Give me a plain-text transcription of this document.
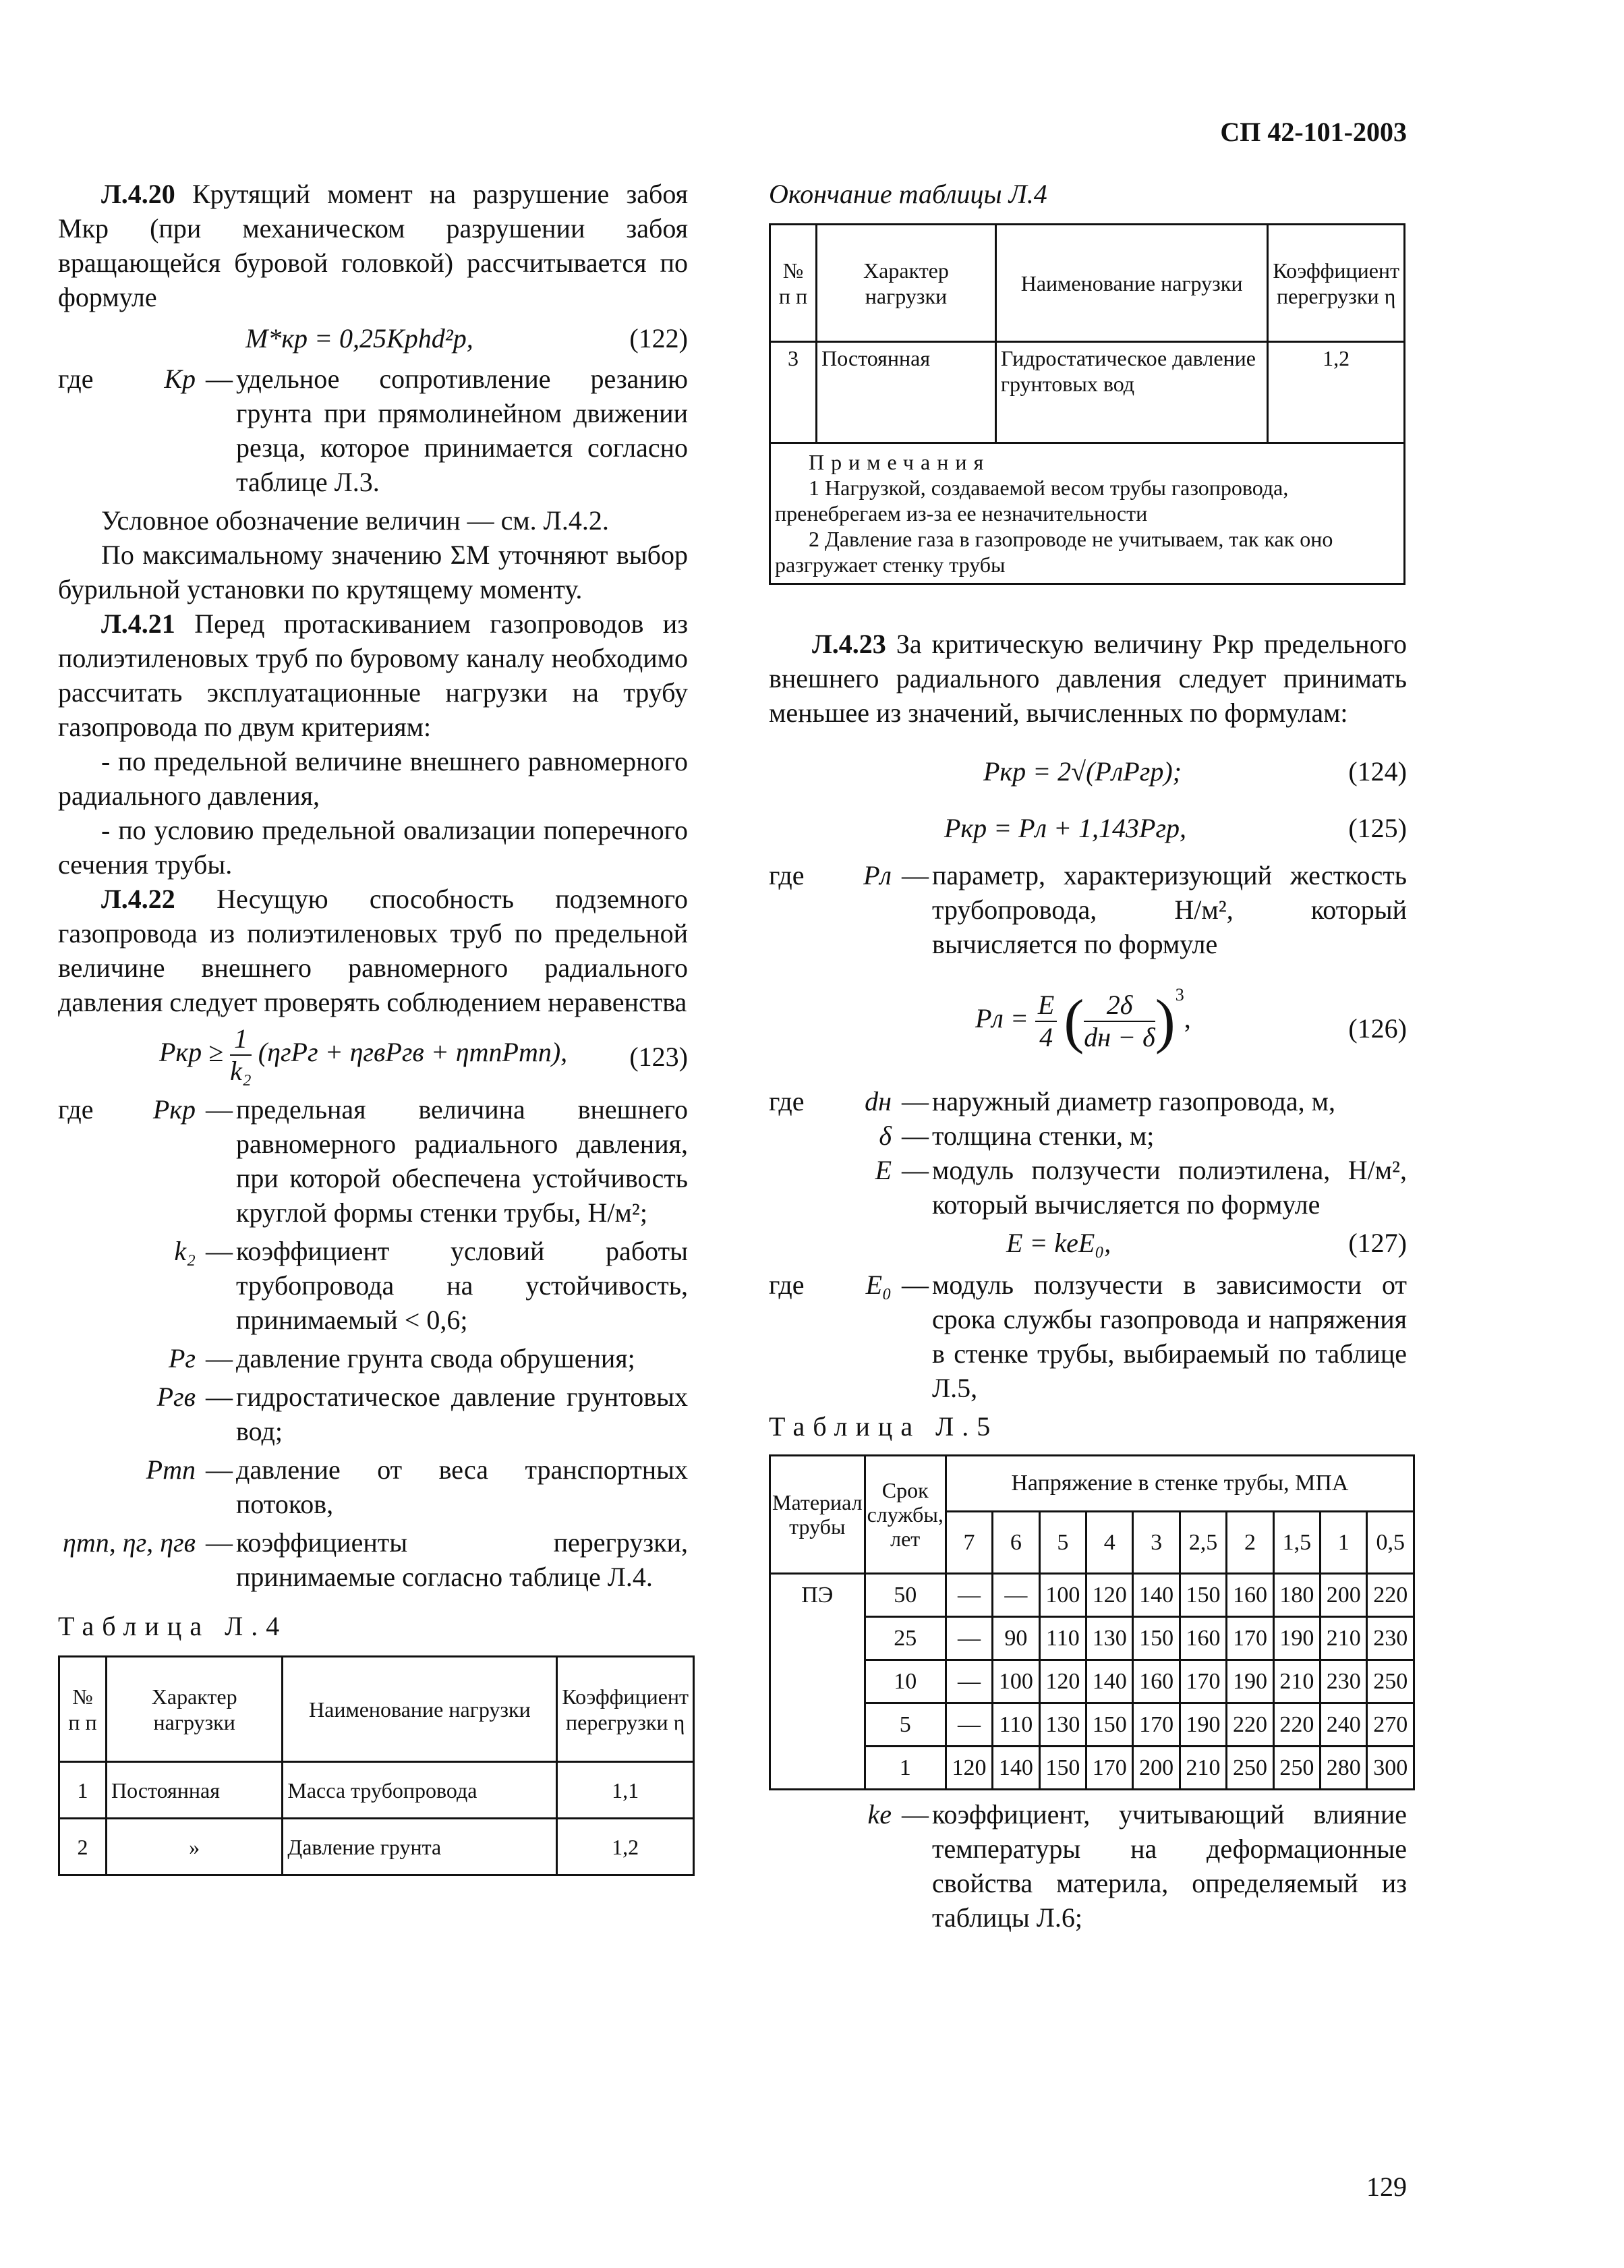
СП 42-101-2003

Л.4.20 Крутящий момент на разрушение забоя Mкр (при механическом разрушении забоя вращающейся буровой головкой) рассчитывается по формуле

M*кр = 0,25Kрhd²р,	(122)
где	Kр — удельное сопротивление резанию грунта при прямолинейном движении резца, которое принимается согласно таблице Л.3.

Условное обозначение величин — см. Л.4.2.

По максимальному значению ΣM уточняют выбор бурильной установки по крутящему моменту.

Л.4.21 Перед протаскиванием газопроводов из полиэтиленовых труб по буровому каналу необходимо рассчитать эксплуатационные нагрузки на трубу газопровода по двум критериям:

- по предельной величине внешнего равномерного радиального давления,

- по условию предельной овализации поперечного сечения трубы.

Л.4.22 Несущую способность подземного газопровода из полиэтиленовых труб по предельной величине внешнего равномерного радиального давления следует проверять соблюдением неравенства

Pкр ≥ $\frac{1}{\text{k₂}} (\eta гPг$ + ηгвPгв + ηтпPтп), (123)
где	Pкр — предельная величина внешнего равномерного радиального давления, при которой обеспечена устойчивость круглой формы стенки трубы, Н/м²;
k₂ — коэффициент условий работы трубопровода на устойчивость, принимаемый < 0,6;
Pг — давление грунта свода обрушения;
Pгв — гидростатическое давление грунтовых вод;
Pтп — давление от веса транспортных потоков,
ηтп, ηг, ηгв — коэффициенты перегрузки, принимаемые согласно таблице Л.4.
Таблица Л.4
№ п п	Характер нагрузки	Наименование нагрузки	Коэффициент перегрузки η
1	Постоянная	Масса трубопровода	1,1
2	»	Давление грунта	1,2
Окончание таблицы Л.4
№ п п	Характер нагрузки	Наименование нагрузки	Коэффициент перегрузки η
3	Постоянная	Гидростатическое давление грунтовых вод	1,2

Примечания
1 Нагрузкой, создаваемой весом трубы газопровода, пренебрегаем из-за ее незначительности
2 Давление газа в газопроводе не учитываем, так как оно разгружает стенку трубы			

Л.4.23 За критическую величину Pкр предельного внешнего радиального давления следует принимать меньшее из значений, вычисленных по формулам:

Pкр = 2√(PлPгр);	(124)
Pкр = Pл + 1,143Pгр,	(125)
где	Pл — параметр, характеризующий жесткость трубопровода, Н/м², который вычисляется по формуле
Pл = $\frac{E}{4}$ ( $\frac{2\delta}{dн - \delta} )^3$,	(126)
где	dн — наружный диаметр газопровода, м,
δ — толщина стенки, м;
E — модуль ползучести полиэтилена, Н/м², который вычисляется по формуле
E = keE₀,	(127)
где	E₀ — модуль ползучести в зависимости от срока службы газопровода и напряжения в стенке трубы, выбираемый по таблице Л.5,
Таблица Л.5
Материал трубы	Срок службы, лет	Напряжение в стенке трубы, МПА									
		7	6	5	4	3	2,5	2	1,5	1	0,5
ПЭ	50	—	—	100	120	140	150	160	180	200	220
	25	—	90	110	130	150	160	170	190	210	230
	10	—	100	120	140	160	170	190	210	230	250
	5	—	110	130	150	170	190	220	220	240	270
	1	120	140	150	170	200	210	250	250	280	300
ke — коэффициент, учитывающий влияние температуры на деформационные свойства материла, определяемый из таблицы Л.6;
129
